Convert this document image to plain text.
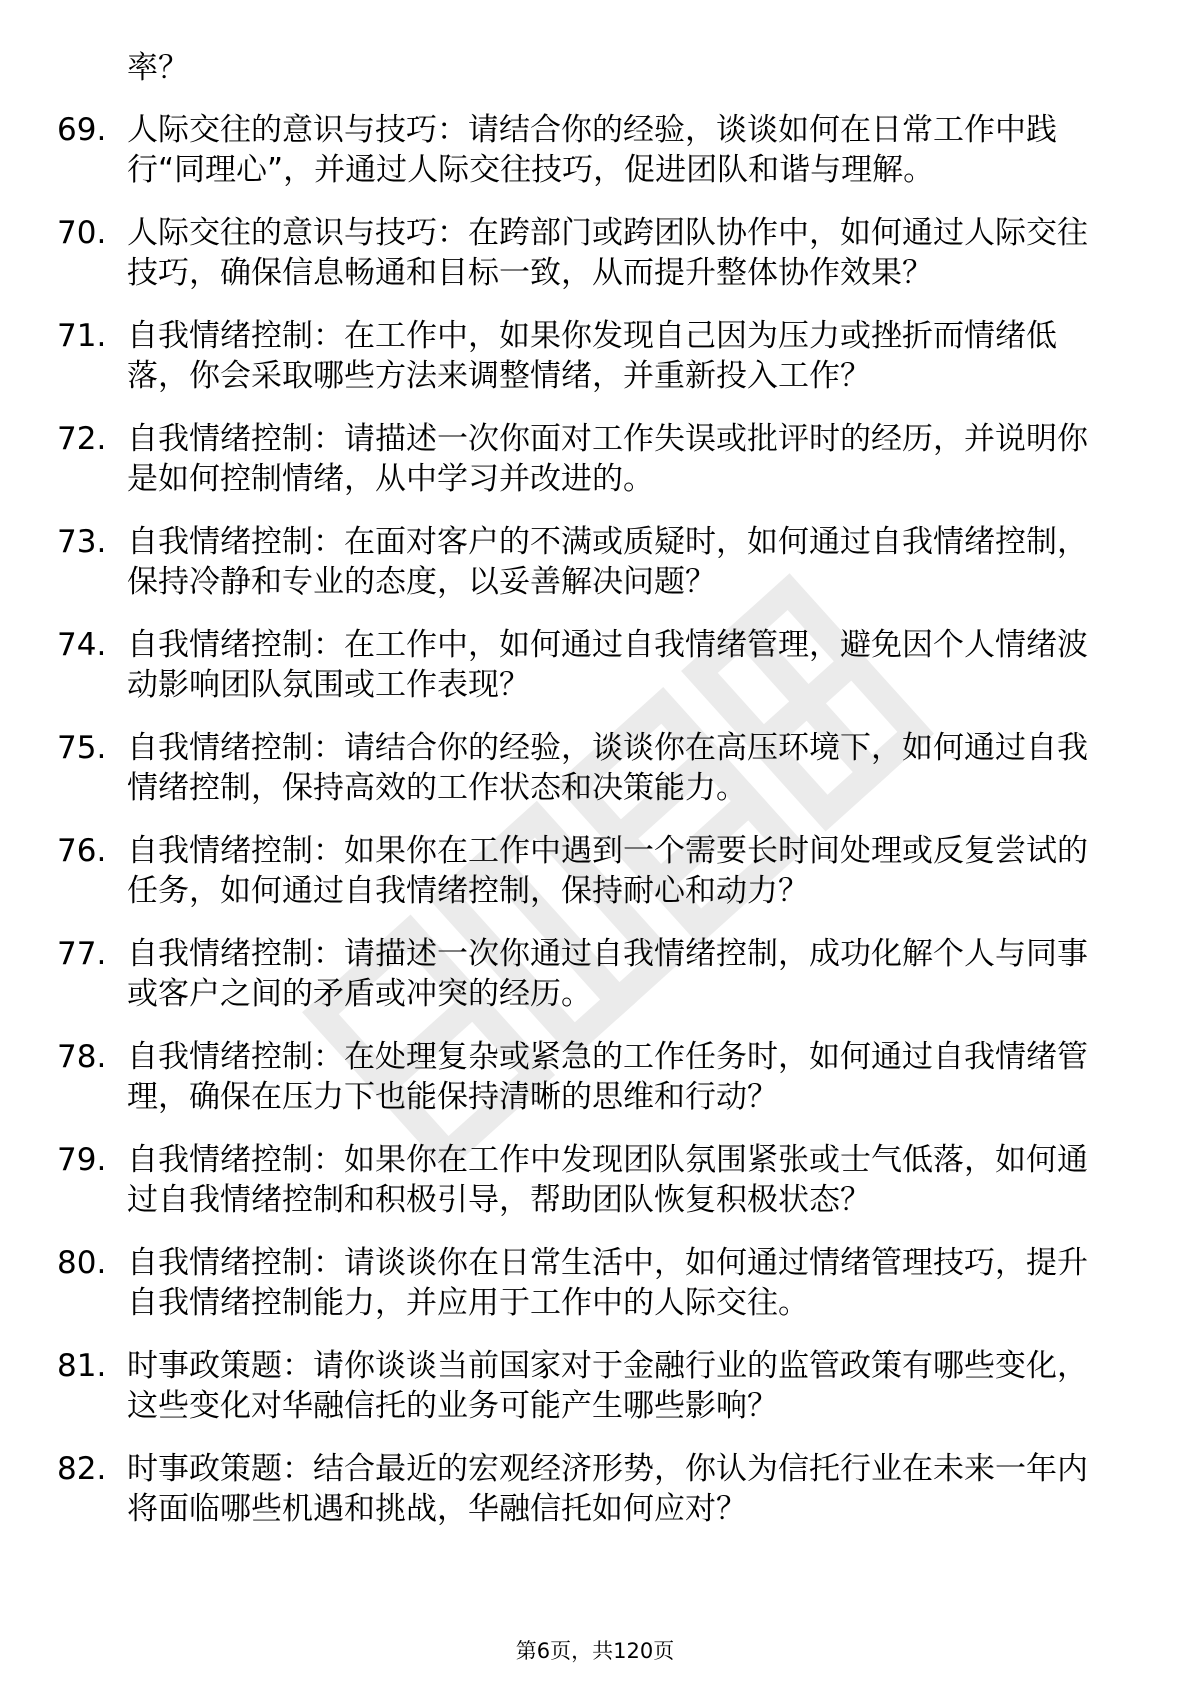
率？
69. 人际交往的意识与技巧：请结合你的经验，谈谈如何在日常工作中践行“同理心”，并通过人际交往技巧，促进团队和谐与理解。
70. 人际交往的意识与技巧：在跨部门或跨团队协作中，如何通过人际交往技巧，确保信息畅通和目标一致，从而提升整体协作效果？
71. 自我情绪控制：在工作中，如果你发现自己因为压力或挫折而情绪低落，你会采取哪些方法来调整情绪，并重新投入工作？
72. 自我情绪控制：请描述一次你面对工作失误或批评时的经历，并说明你是如何控制情绪，从中学习并改进的。
73. 自我情绪控制：在面对客户的不满或质疑时，如何通过自我情绪控制，保持冷静和专业的态度，以妥善解决问题？
74. 自我情绪控制：在工作中，如何通过自我情绪管理，避免因个人情绪波动影响团队氛围或工作表现？
75. 自我情绪控制：请结合你的经验，谈谈你在高压环境下，如何通过自我情绪控制，保持高效的工作状态和决策能力。
76. 自我情绪控制：如果你在工作中遇到一个需要长时间处理或反复尝试的任务，如何通过自我情绪控制，保持耐心和动力？
77. 自我情绪控制：请描述一次你通过自我情绪控制，成功化解个人与同事或客户之间的矛盾或冲突的经历。
78. 自我情绪控制：在处理复杂或紧急的工作任务时，如何通过自我情绪管理，确保在压力下也能保持清晰的思维和行动？
79. 自我情绪控制：如果你在工作中发现团队氛围紧张或士气低落，如何通过自我情绪控制和积极引导，帮助团队恢复积极状态？
80. 自我情绪控制：请谈谈你在日常生活中，如何通过情绪管理技巧，提升自我情绪控制能力，并应用于工作中的人际交往。
81. 时事政策题：请你谈谈当前国家对于金融行业的监管政策有哪些变化，这些变化对华融信托的业务可能产生哪些影响？
82. 时事政策题：结合最近的宏观经济形势，你认为信托行业在未来一年内将面临哪些机遇和挑战，华融信托如何应对？
第6页，共120页
